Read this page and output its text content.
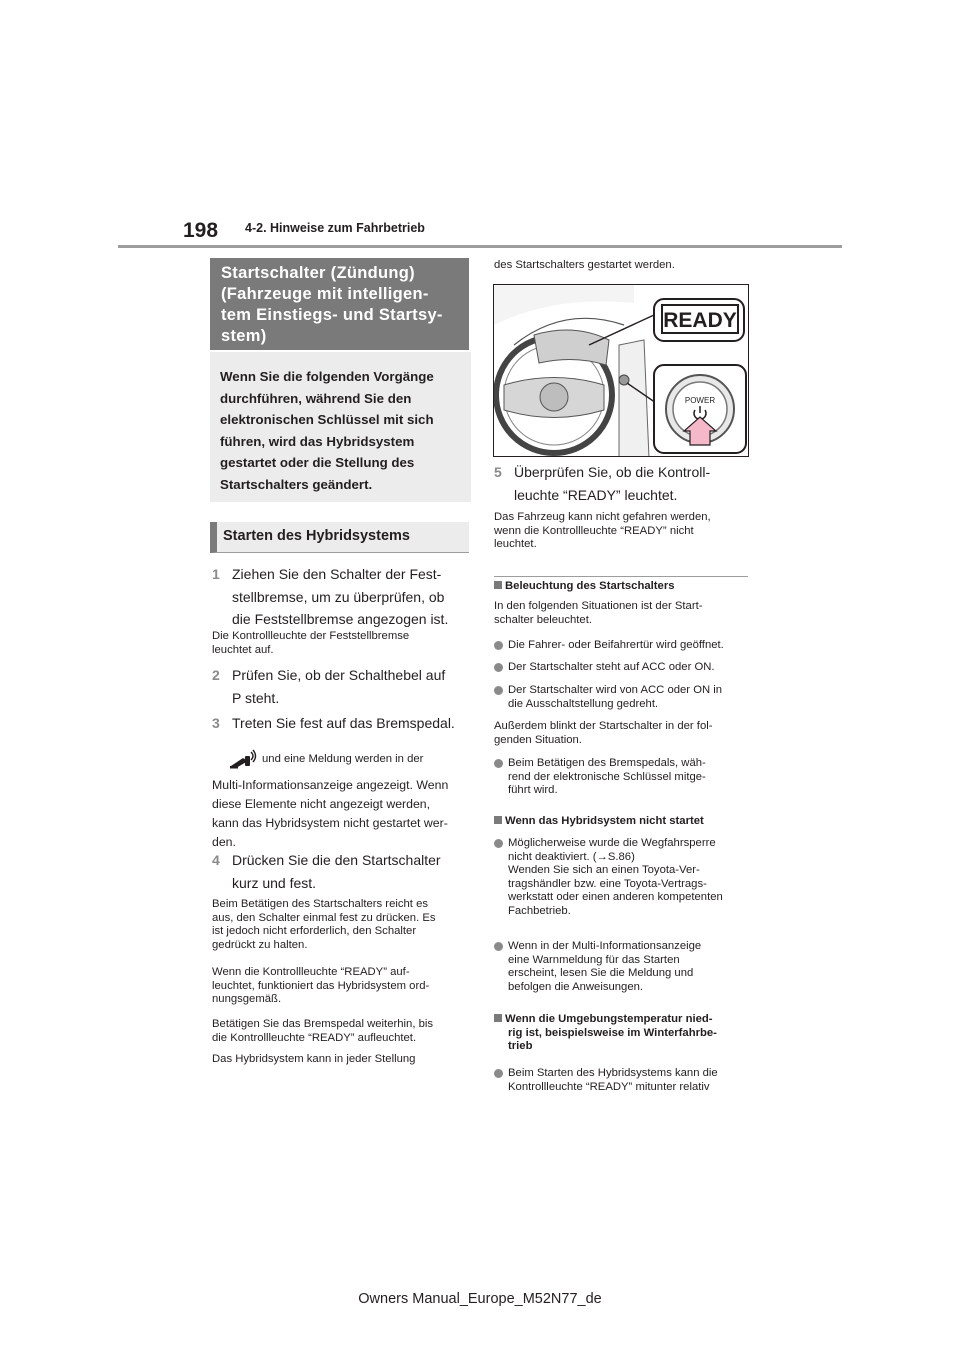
198 4-2. Hinweise zum Fahrbetrieb
Startschalter (Zündung)
(Fahrzeuge mit intelligen-
tem Einstiegs- und Startsy-
stem)
Wenn Sie die folgenden Vorgänge
durchführen, während Sie den
elektronischen Schlüssel mit sich
führen, wird das Hybridsystem
gestartet oder die Stellung des
Startschalters geändert.
Starten des Hybridsystems
1 Ziehen Sie den Schalter der Fest-
stellbremse, um zu überprüfen, ob
die Feststellbremse angezogen ist.
Die Kontrollleuchte der Feststellbremse
leuchtet auf.
2 Prüfen Sie, ob der Schalthebel auf
P steht.
3 Treten Sie fest auf das Bremspedal.
und eine Meldung werden in der
Multi-Informationsanzeige angezeigt. Wenn
diese Elemente nicht angezeigt werden,
kann das Hybridsystem nicht gestartet wer-
den.
4 Drücken Sie die den Startschalter
kurz und fest.
Beim Betätigen des Startschalters reicht es
aus, den Schalter einmal fest zu drücken. Es
ist jedoch nicht erforderlich, den Schalter
gedrückt zu halten.
Wenn die Kontrollleuchte “READY” auf-
leuchtet, funktioniert das Hybridsystem ord-
nungsgemäß.
Betätigen Sie das Bremspedal weiterhin, bis
die Kontrollleuchte “READY” aufleuchtet.
Das Hybridsystem kann in jeder Stellung
des Startschalters gestartet werden.
READY
POWER
5 Überprüfen Sie, ob die Kontroll-
leuchte “READY” leuchtet.
Das Fahrzeug kann nicht gefahren werden,
wenn die Kontrollleuchte “READY” nicht
leuchtet.
Beleuchtung des Startschalters
In den folgenden Situationen ist der Start-
schalter beleuchtet.
Die Fahrer- oder Beifahrertür wird geöffnet.
Der Startschalter steht auf ACC oder ON.
Der Startschalter wird von ACC oder ON in
die Ausschaltstellung gedreht.
Außerdem blinkt der Startschalter in der fol-
genden Situation.
Beim Betätigen des Bremspedals, wäh-
rend der elektronische Schlüssel mitge-
führt wird.
Wenn das Hybridsystem nicht startet
Möglicherweise wurde die Wegfahrsperre
nicht deaktiviert. (→S.86)
Wenden Sie sich an einen Toyota-Ver-
tragshändler bzw. eine Toyota-Vertrags-
werkstatt oder einen anderen kompetenten
Fachbetrieb.
Wenn in der Multi-Informationsanzeige
eine Warnmeldung für das Starten
erscheint, lesen Sie die Meldung und
befolgen die Anweisungen.
Wenn die Umgebungstemperatur nied-
rig ist, beispielsweise im Winterfahrbe-
trieb
Beim Starten des Hybridsystems kann die
Kontrollleuchte “READY” mitunter relativ
Owners Manual_Europe_M52N77_de
